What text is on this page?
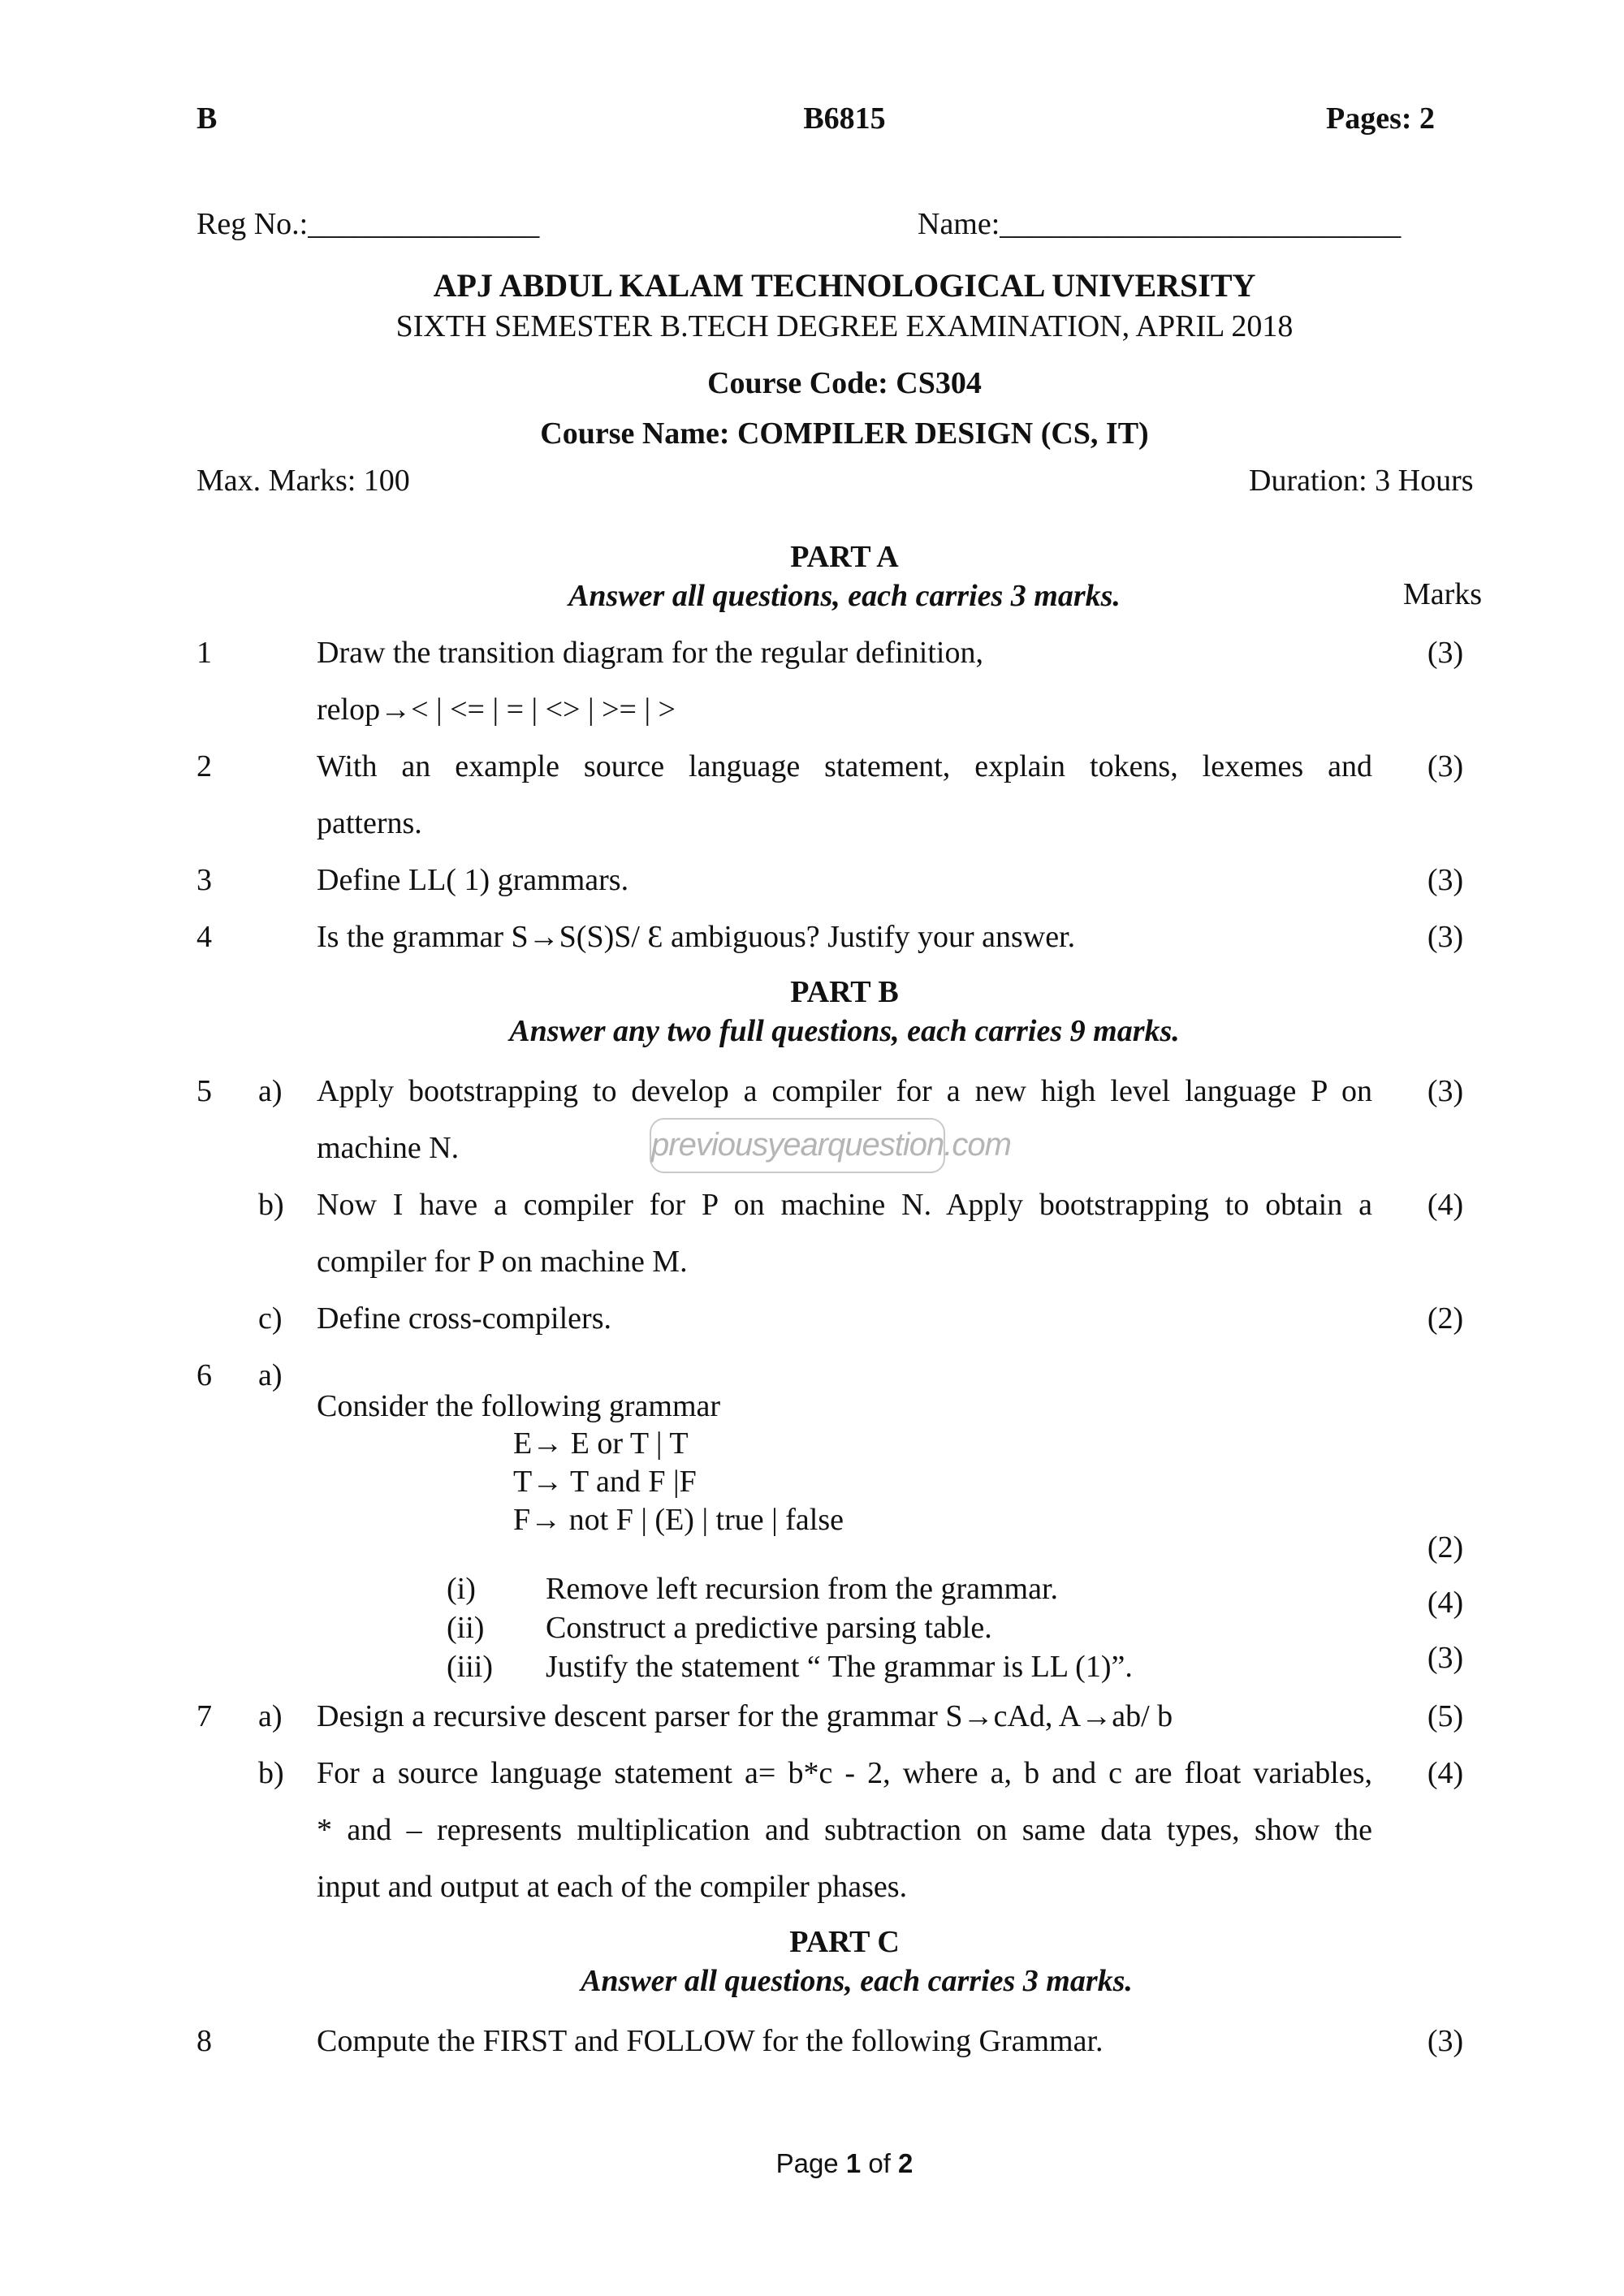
B	B6815	Pages: 2
Reg No.:_______________	Name:__________________________
APJ ABDUL KALAM TECHNOLOGICAL UNIVERSITY
SIXTH SEMESTER B.TECH DEGREE EXAMINATION, APRIL 2018
Course Code: CS304
Course Name: COMPILER DESIGN (CS, IT)
Max. Marks: 100	Duration: 3 Hours
PART A
Answer all questions, each carries 3 marks.	Marks
1	Draw the transition diagram for the regular definition,
relop→< | <= | = | <> | >= | >
(3)
2	With an example source language statement, explain tokens, lexemes and
patterns.
(3)
3	Define LL( 1) grammars.	(3)
4	Is the grammar S→S(S)S/ Ɛ ambiguous? Justify your answer.	(3)
PART B
Answer any two full questions, each carries 9 marks.
5 a) Apply bootstrapping to develop a compiler for a new high level language P on
machine N.
(3)
previousyearquestion.com
b) Now I have a compiler for P on machine N. Apply bootstrapping to obtain a
compiler for P on machine M.
(4)
c) Define cross-compilers.	(2)
6 a)
Consider the following grammar
E→ E or T | T
T→ T and F |F
F→ not F | (E) | true | false
(2)
(i) Remove left recursion from the grammar.	(4)
(ii) Construct a predictive parsing table.
(3)
(iii) Justify the statement “ The grammar is LL (1)”.
7 a) Design a recursive descent parser for the grammar S→cAd, A→ab/ b	(5)
b) For a source language statement a= b*c - 2, where a, b and c are float variables,
* and – represents multiplication and subtraction on same data types, show the
input and output at each of the compiler phases.
(4)
PART C
Answer all questions, each carries 3 marks.
8	Compute the FIRST and FOLLOW for the following Grammar.	(3)
Page 1 of 2
